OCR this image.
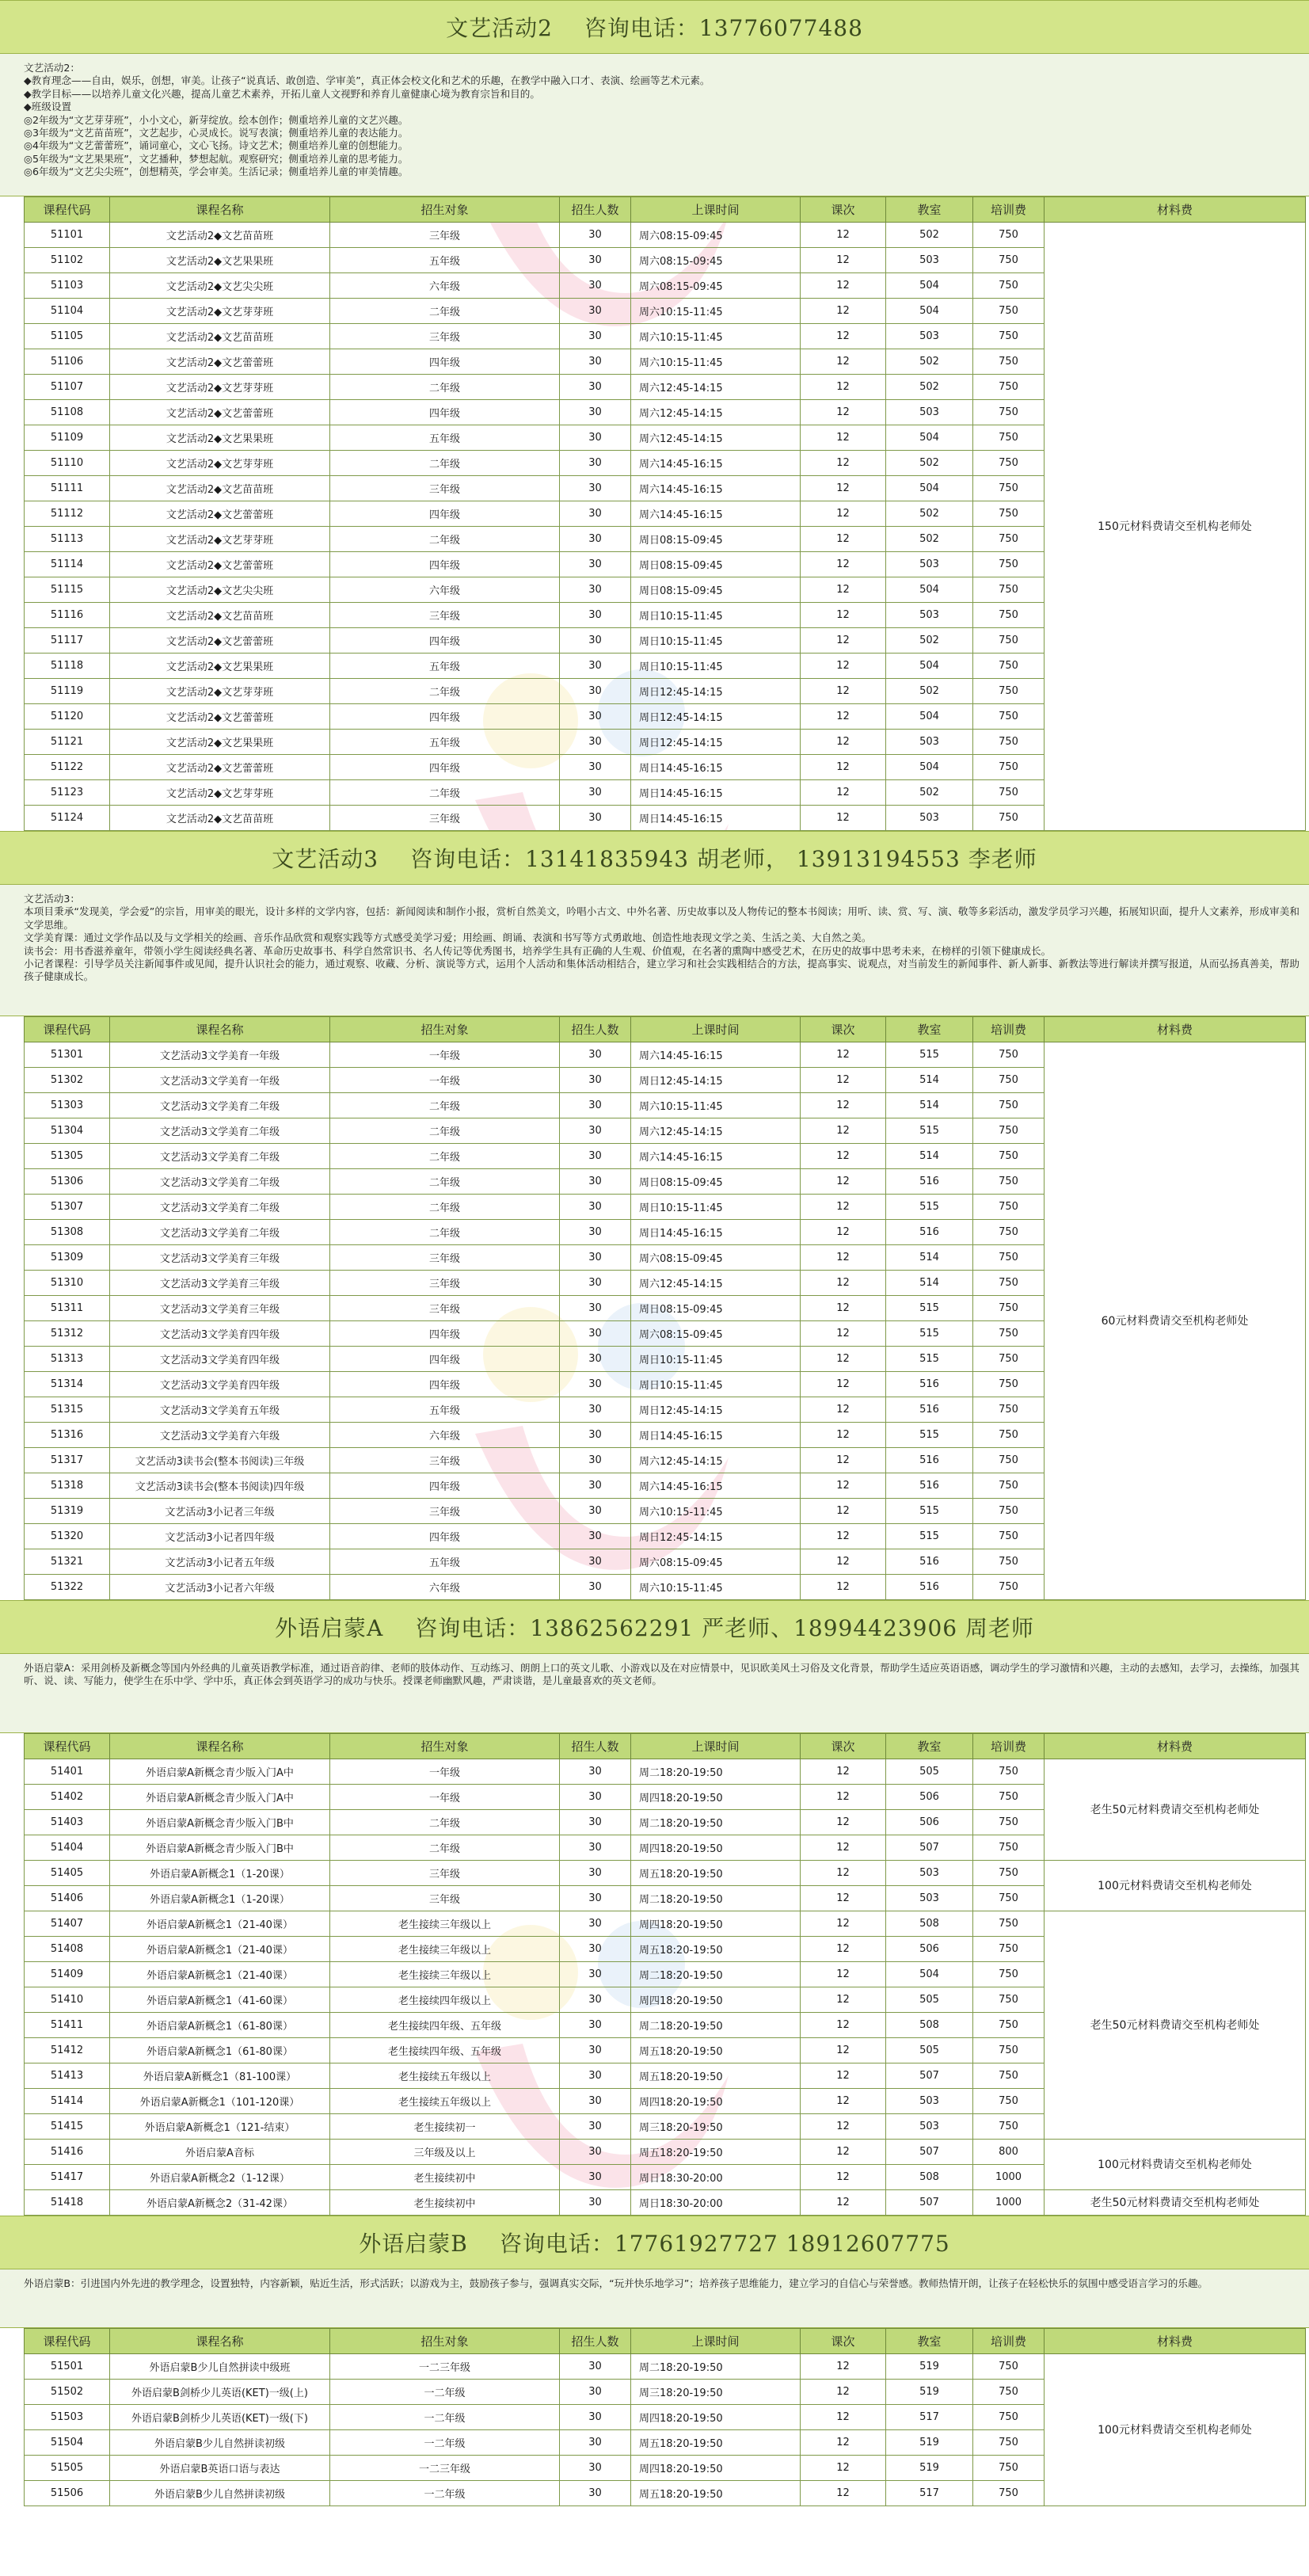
文艺活动2 咨询电话：13776077488
文艺活动2：
◆教育理念——自由，娱乐，创想，审美。让孩子“说真话、敢创造、学审美”，真正体会校文化和艺术的乐趣，在教学中融入口才、表演、绘画等艺术元素。
◆教学目标——以培养儿童文化兴趣，提高儿童艺术素养，开拓儿童人文视野和养育儿童健康心境为教育宗旨和目的。
◆班级设置
◎2年级为“文艺芽芽班”，小小文心，新芽绽放。绘本创作；侧重培养儿童的文艺兴趣。
◎3年级为“文艺苗苗班”，文艺起步，心灵成长。说写表演；侧重培养儿童的表达能力。
◎4年级为“文艺蕾蕾班”，诵词童心，文心飞扬。诗文艺术；侧重培养儿童的创想能力。
◎5年级为“文艺果果班”，文艺播种，梦想起航。观察研究；侧重培养儿童的思考能力。
◎6年级为“文艺尖尖班”，创想精英，学会审美。生活记录；侧重培养儿童的审美情趣。
课程代码	课程名称	招生对象	招生人数	上课时间	课次	教室	培训费	材料费
51101	文艺活动2◆文艺苗苗班	三年级	30	周六08:15-09:45	12	502	750	150元材料费请交至机构老师处
51102	文艺活动2◆文艺果果班	五年级	30	周六08:15-09:45	12	503	750	
51103	文艺活动2◆文艺尖尖班	六年级	30	周六08:15-09:45	12	504	750	
51104	文艺活动2◆文艺芽芽班	二年级	30	周六10:15-11:45	12	504	750	
51105	文艺活动2◆文艺苗苗班	三年级	30	周六10:15-11:45	12	503	750	
51106	文艺活动2◆文艺蕾蕾班	四年级	30	周六10:15-11:45	12	502	750	
51107	文艺活动2◆文艺芽芽班	二年级	30	周六12:45-14:15	12	502	750	
51108	文艺活动2◆文艺蕾蕾班	四年级	30	周六12:45-14:15	12	503	750	
51109	文艺活动2◆文艺果果班	五年级	30	周六12:45-14:15	12	504	750	
51110	文艺活动2◆文艺芽芽班	二年级	30	周六14:45-16:15	12	502	750	
51111	文艺活动2◆文艺苗苗班	三年级	30	周六14:45-16:15	12	504	750	
51112	文艺活动2◆文艺蕾蕾班	四年级	30	周六14:45-16:15	12	502	750	
51113	文艺活动2◆文艺芽芽班	二年级	30	周日08:15-09:45	12	502	750	
51114	文艺活动2◆文艺蕾蕾班	四年级	30	周日08:15-09:45	12	503	750	
51115	文艺活动2◆文艺尖尖班	六年级	30	周日08:15-09:45	12	504	750	
51116	文艺活动2◆文艺苗苗班	三年级	30	周日10:15-11:45	12	503	750	
51117	文艺活动2◆文艺蕾蕾班	四年级	30	周日10:15-11:45	12	502	750	
51118	文艺活动2◆文艺果果班	五年级	30	周日10:15-11:45	12	504	750	
51119	文艺活动2◆文艺芽芽班	二年级	30	周日12:45-14:15	12	502	750	
51120	文艺活动2◆文艺蕾蕾班	四年级	30	周日12:45-14:15	12	504	750	
51121	文艺活动2◆文艺果果班	五年级	30	周日12:45-14:15	12	503	750	
51122	文艺活动2◆文艺蕾蕾班	四年级	30	周日14:45-16:15	12	504	750	
51123	文艺活动2◆文艺芽芽班	二年级	30	周日14:45-16:15	12	502	750	
51124	文艺活动2◆文艺苗苗班	三年级	30	周日14:45-16:15	12	503	750	
文艺活动3 咨询电话：13141835943 胡老师， 13913194553 李老师
文艺活动3：
本项目秉承“发现美，学会爱”的宗旨，用审美的眼光，设计多样的文学内容，包括：新闻阅读和制作小报，赏析自然美文，吟唱小古文、中外名著、历史故事以及人物传记的整本书阅读；用听、读、赏、写、演、敬等多彩活动，激发学员学习兴趣，拓展知识面，提升人文素养，形成审美和文学思维。
文学美育课：通过文学作品以及与文学相关的绘画、音乐作品欣赏和观察实践等方式感受美学习爱；用绘画、朗诵、表演和书写等方式勇敢地、创造性地表现文学之美、生活之美、大自然之美。
读书会：用书香滋养童年，带领小学生阅读经典名著、革命历史故事书、科学自然常识书、名人传记等优秀图书，培养学生具有正确的人生观、价值观，在名著的熏陶中感受艺术，在历史的故事中思考未来，在榜样的引领下健康成长。
小记者课程：引导学员关注新闻事件或见闻，提升认识社会的能力，通过观察、收藏、分析、演说等方式，运用个人活动和集体活动相结合，建立学习和社会实践相结合的方法，提高事实、说观点，对当前发生的新闻事件、新人新事、新教法等进行解读并撰写报道，从而弘扬真善美，帮助孩子健康成长。
课程代码	课程名称	招生对象	招生人数	上课时间	课次	教室	培训费	材料费
51301	文艺活动3文学美育一年级	一年级	30	周六14:45-16:15	12	515	750	60元材料费请交至机构老师处
51302	文艺活动3文学美育一年级	一年级	30	周日12:45-14:15	12	514	750	
51303	文艺活动3文学美育二年级	二年级	30	周六10:15-11:45	12	514	750	
51304	文艺活动3文学美育二年级	二年级	30	周六12:45-14:15	12	515	750	
51305	文艺活动3文学美育二年级	二年级	30	周六14:45-16:15	12	514	750	
51306	文艺活动3文学美育二年级	二年级	30	周日08:15-09:45	12	516	750	
51307	文艺活动3文学美育二年级	二年级	30	周日10:15-11:45	12	515	750	
51308	文艺活动3文学美育二年级	二年级	30	周日14:45-16:15	12	516	750	
51309	文艺活动3文学美育三年级	三年级	30	周六08:15-09:45	12	514	750	
51310	文艺活动3文学美育三年级	三年级	30	周六12:45-14:15	12	514	750	
51311	文艺活动3文学美育三年级	三年级	30	周日08:15-09:45	12	515	750	
51312	文艺活动3文学美育四年级	四年级	30	周六08:15-09:45	12	515	750	
51313	文艺活动3文学美育四年级	四年级	30	周日10:15-11:45	12	515	750	
51314	文艺活动3文学美育四年级	四年级	30	周日10:15-11:45	12	516	750	
51315	文艺活动3文学美育五年级	五年级	30	周日12:45-14:15	12	516	750	
51316	文艺活动3文学美育六年级	六年级	30	周日14:45-16:15	12	515	750	
51317	文艺活动3读书会(整本书阅读)三年级	三年级	30	周六12:45-14:15	12	516	750	
51318	文艺活动3读书会(整本书阅读)四年级	四年级	30	周六14:45-16:15	12	516	750	
51319	文艺活动3小记者三年级	三年级	30	周六10:15-11:45	12	515	750	
51320	文艺活动3小记者四年级	四年级	30	周日12:45-14:15	12	515	750	
51321	文艺活动3小记者五年级	五年级	30	周六08:15-09:45	12	516	750	
51322	文艺活动3小记者六年级	六年级	30	周六10:15-11:45	12	516	750	
外语启蒙A 咨询电话：13862562291 严老师、18994423906 周老师
外语启蒙A：采用剑桥及新概念等国内外经典的儿童英语教学标准，通过语音韵律、老师的肢体动作、互动练习、朗朗上口的英文儿歌、小游戏以及在对应情景中，见识欧美风土习俗及文化背景，帮助学生适应英语语感，调动学生的学习激情和兴趣，主动的去感知，去学习，去操练，加强其听、说、读、写能力，使学生在乐中学、学中乐，真正体会到英语学习的成功与快乐。授课老师幽默风趣，严肃谈谐，是儿童最喜欢的英文老师。
课程代码	课程名称	招生对象	招生人数	上课时间	课次	教室	培训费	材料费
51401	外语启蒙A新概念青少版入门A中	一年级	30	周二18:20-19:50	12	505	750	老生50元材料费请交至机构老师处
51402	外语启蒙A新概念青少版入门A中	一年级	30	周四18:20-19:50	12	506	750	
51403	外语启蒙A新概念青少版入门B中	二年级	30	周二18:20-19:50	12	506	750	
51404	外语启蒙A新概念青少版入门B中	二年级	30	周四18:20-19:50	12	507	750	
51405	外语启蒙A新概念1（1-20课）	三年级	30	周五18:20-19:50	12	503	750	100元材料费请交至机构老师处
51406	外语启蒙A新概念1（1-20课）	三年级	30	周二18:20-19:50	12	503	750	
51407	外语启蒙A新概念1（21-40课）	老生接续三年级以上	30	周四18:20-19:50	12	508	750	老生50元材料费请交至机构老师处
51408	外语启蒙A新概念1（21-40课）	老生接续三年级以上	30	周五18:20-19:50	12	506	750	
51409	外语启蒙A新概念1（21-40课）	老生接续三年级以上	30	周二18:20-19:50	12	504	750	
51410	外语启蒙A新概念1（41-60课）	老生接续四年级以上	30	周四18:20-19:50	12	505	750	
51411	外语启蒙A新概念1（61-80课）	老生接续四年级、五年级	30	周二18:20-19:50	12	508	750	
51412	外语启蒙A新概念1（61-80课）	老生接续四年级、五年级	30	周五18:20-19:50	12	505	750	
51413	外语启蒙A新概念1（81-100课）	老生接续五年级以上	30	周五18:20-19:50	12	507	750	
51414	外语启蒙A新概念1（101-120课）	老生接续五年级以上	30	周四18:20-19:50	12	503	750	
51415	外语启蒙A新概念1（121-结束）	老生接续初一	30	周三18:20-19:50	12	503	750	
51416	外语启蒙A音标	三年级及以上	30	周五18:20-19:50	12	507	800	100元材料费请交至机构老师处
51417	外语启蒙A新概念2（1-12课）	老生接续初中	30	周日18:30-20:00	12	508	1000	
51418	外语启蒙A新概念2（31-42课）	老生接续初中	30	周日18:30-20:00	12	507	1000	老生50元材料费请交至机构老师处
外语启蒙B 咨询电话：17761927727 18912607775
外语启蒙B：引进国内外先进的教学理念，设置独特，内容新颖，贴近生活，形式活跃；以游戏为主，鼓励孩子参与，强调真实交际，“玩并快乐地学习”；培养孩子思维能力，建立学习的自信心与荣誉感。教师热情开朗，让孩子在轻松快乐的氛围中感受语言学习的乐趣。
课程代码	课程名称	招生对象	招生人数	上课时间	课次	教室	培训费	材料费
51501	外语启蒙B少儿自然拼读中级班	一二三年级	30	周二18:20-19:50	12	519	750	100元材料费请交至机构老师处
51502	外语启蒙B剑桥少儿英语(KET)一级(上)	一二年级	30	周三18:20-19:50	12	519	750	
51503	外语启蒙B剑桥少儿英语(KET)一级(下)	一二年级	30	周四18:20-19:50	12	517	750	
51504	外语启蒙B少儿自然拼读初级	一二年级	30	周五18:20-19:50	12	519	750	
51505	外语启蒙B英语口语与表达	一二三年级	30	周四18:20-19:50	12	519	750	
51506	外语启蒙B少儿自然拼读初级	一二年级	30	周五18:20-19:50	12	517	750	
